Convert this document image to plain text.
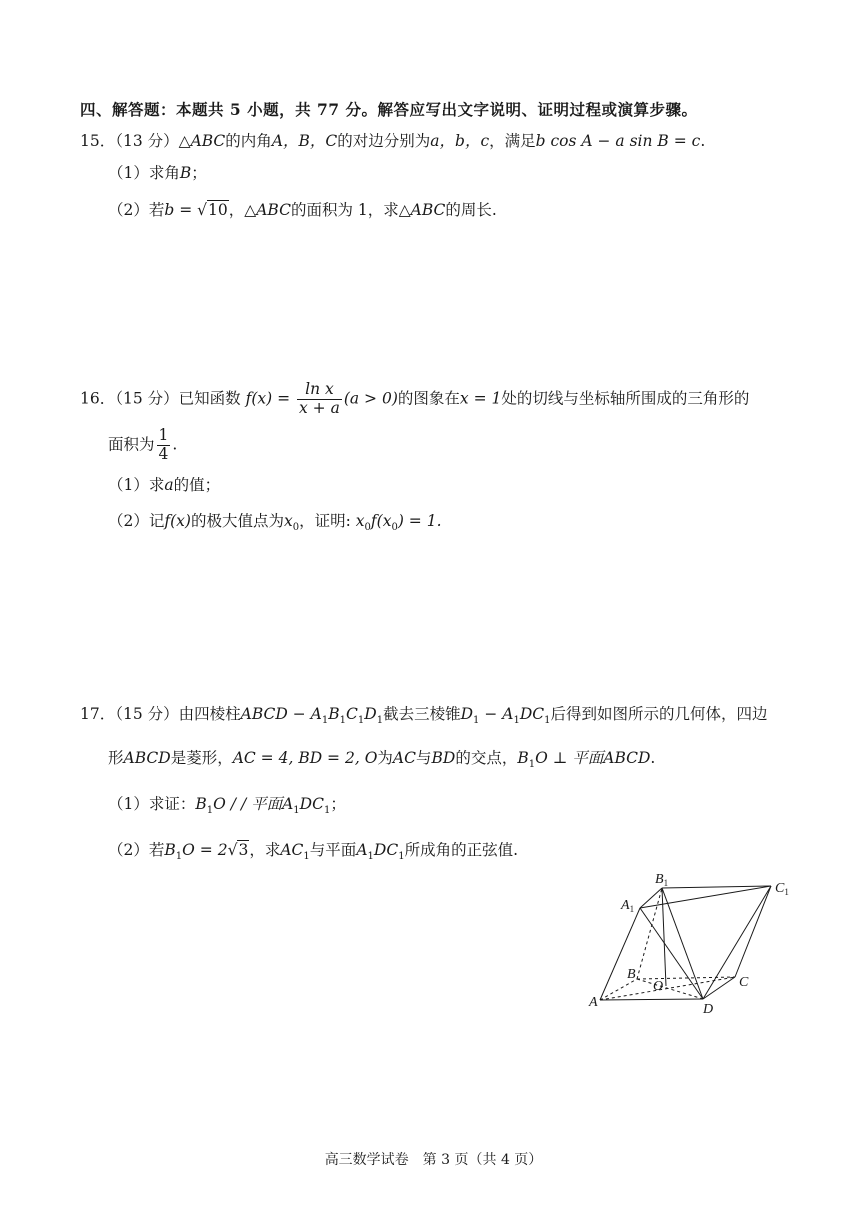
四、解答题：本题共 5 小题，共 77 分。解答应写出文字说明、证明过程或演算步骤。
15．（13 分）△ABC的内角A，B，C的对边分别为a，b，c，满足b cos A − a sin B = c.
（1）求角B；
（2）若b = √10，△ABC的面积为 1，求△ABC的周长.
16．（15 分）已知函数 $f(x) = \frac{\text{ln x}}{x + a} (a > 0)$的图象在x = 1处的切线与坐标轴所围成的三角形的
面积为 $\frac{1}{4}$ .
（1）求a的值；
（2）记f(x)的极大值点为$x_0$，证明: $x_0f(x_0) = 1$.
17．（15 分）由四棱柱ABCD − $A_1B_1C_1D_1$截去三棱锥$D_1 - A_1DC_1$后得到如图所示的几何体，四边
形ABCD是菱形，AC = 4, BD = 2, O为AC与BD的交点，$B_1O$ ⊥ 平面ABCD.
（1）求证：$B_1O$ / / 平面$A_1DC_1$；
（2）若$B_1O = 2√3$，求$AC_1$与平面$A_1DC_1$所成角的正弦值.
$A_1$
$B_1$	$C_1$
B
O	C
A	D
高三数学试卷　第 3 页（共 4 页）
